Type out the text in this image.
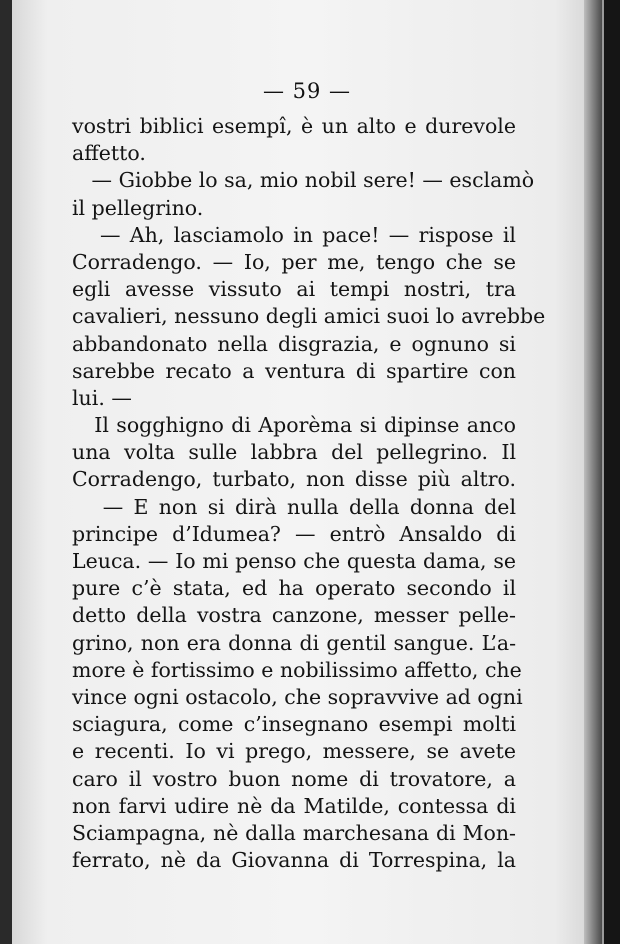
— 59 —
vostri biblici esempî, è un alto e durevole
affetto.
— Giobbe lo sa, mio nobil sere! — esclamò
il pellegrino.
— Ah, lasciamolo in pace! — rispose il
Corradengo. — Io, per me, tengo che se
egli avesse vissuto ai tempi nostri, tra
cavalieri, nessuno degli amici suoi lo avrebbe
abbandonato nella disgrazia, e ognuno si
sarebbe recato a ventura di spartire con
lui. —
Il sogghigno di Aporèma si dipinse anco
una volta sulle labbra del pellegrino. Il
Corradengo, turbato, non disse più altro.
— E non si dirà nulla della donna del
principe d’Idumea? — entrò Ansaldo di
Leuca. — Io mi penso che questa dama, se
pure c’è stata, ed ha operato secondo il
detto della vostra canzone, messer pelle-
grino, non era donna di gentil sangue. L’a-
more è fortissimo e nobilissimo affetto, che
vince ogni ostacolo, che sopravvive ad ogni
sciagura, come c’insegnano esempi molti
e recenti. Io vi prego, messere, se avete
caro il vostro buon nome di trovatore, a
non farvi udire nè da Matilde, contessa di
Sciampagna, nè dalla marchesana di Mon-
ferrato, nè da Giovanna di Torrespina, la
